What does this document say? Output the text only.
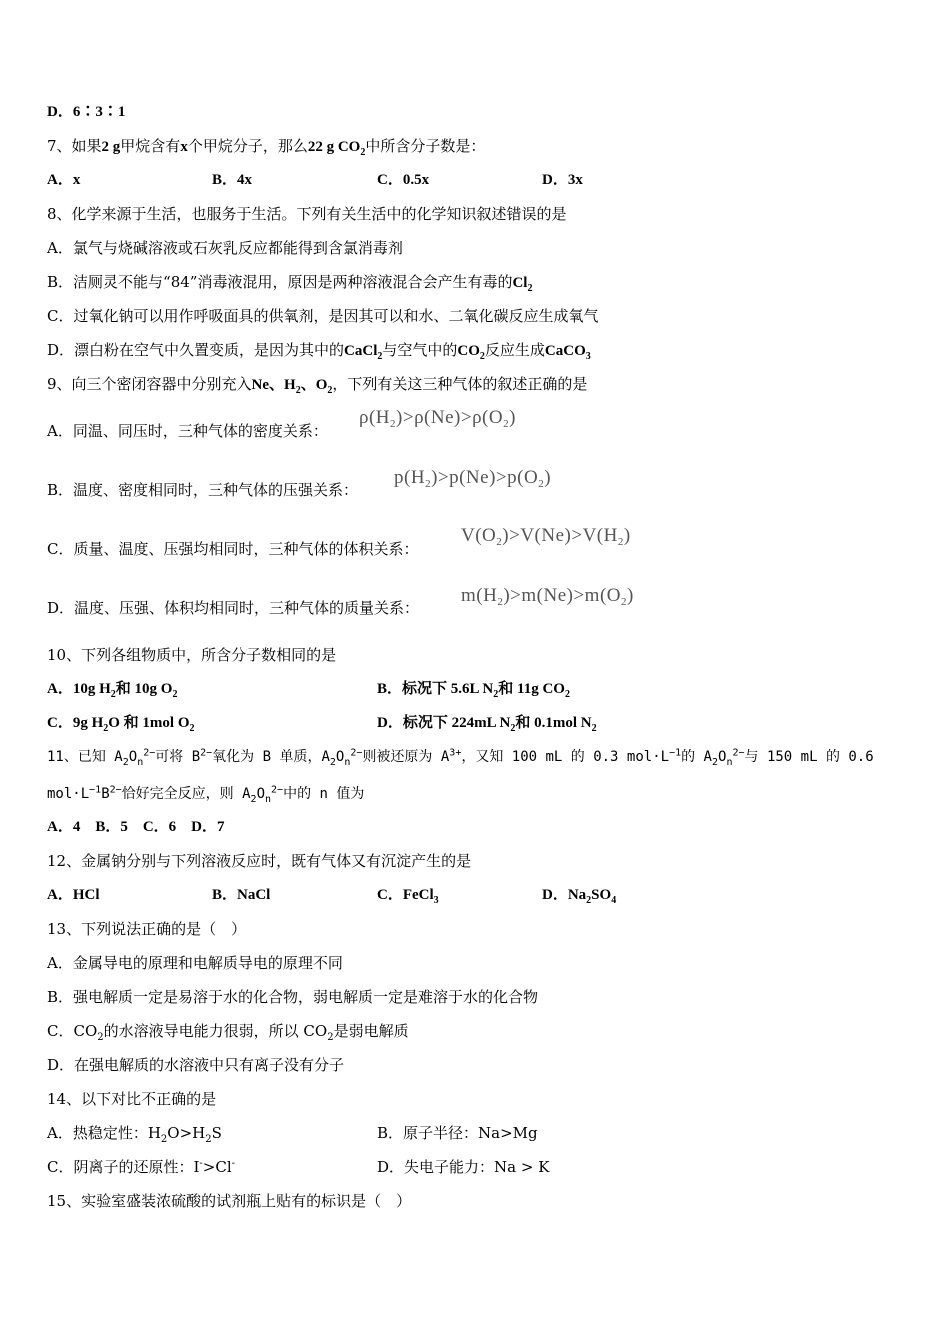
D．6∶3∶1
7、如果2 g甲烷含有x个甲烷分子，那么22 g $CO_2$中所含分子数是：
A．x	B．4x	C．0.5x	D．3x
8、化学来源于生活，也服务于生活。下列有关生活中的化学知识叙述错误的是
A．氯气与烧碱溶液或石灰乳反应都能得到含氯消毒剂
B．洁厕灵不能与“84”消毒液混用，原因是两种溶液混合会产生有毒的$Cl_2$
C．过氧化钠可以用作呼吸面具的供氧剂，是因其可以和水、二氧化碳反应生成氧气
D．漂白粉在空气中久置变质，是因为其中的CaCl$_2$与空气中的$CO_2$反应生成CaCO$_3$
9、向三个密闭容器中分别充入Ne、$H_2$、$O_2$，下列有关这三种气体的叙述正确的是
A．同温、同压时，三种气体的密度关系：
$\rho(H_2)>\rho(Ne)>\rho(O_2)$
B．温度、密度相同时，三种气体的压强关系：
$p(H_2)>p(Ne)>p(O_2)$
C．质量、温度、压强均相同时，三种气体的体积关系：
$V(O_2)>V(Ne)>V(H_2)$
D．温度、压强、体积均相同时，三种气体的质量关系：
$m(H_2)>m(Ne)>m(O_2)$
10、下列各组物质中，所含分子数相同的是
A．10g $H_2$和 10g $O_2$	B．标况下 5.6L $N_2$和 11g $CO_2$
C．9g $H_2O$ 和 1mol $O_2$	D．标况下 224mL $N_2$和 0.1mol $N_2$
11、已知 $A_2O_n^{2-}$可将 $B^{2-}$氧化为 B 单质，$A_2O_n^{2-}$则被还原为 $A^{3+}$，又知 100 mL 的 0.3 $mol\cdot L^{-1}$的 $A_2O_n^{2-}$与 150 mL 的 0.6
$mol\cdot L^{-1}B^{2-}$恰好完全反应，则 $A_2O_n^{2-}$中的 n 值为
A．4　B．5　C．6　D．7
12、金属钠分别与下列溶液反应时，既有气体又有沉淀产生的是
A．HCl	B．NaCl	C．FeCl$_3$	D．$Na_2SO_4$
13、下列说法正确的是（　）
A．金属导电的原理和电解质导电的原理不同
B．强电解质一定是易溶于水的化合物，弱电解质一定是难溶于水的化合物
C．$CO_2$的水溶液导电能力很弱，所以 $CO_2$是弱电解质
D．在强电解质的水溶液中只有离子没有分子
14、以下对比不正确的是
A．热稳定性：$H_2O>H_2S$	B．原子半径：Na>Mg
C．阴离子的还原性：I->Cl-	D．失电子能力：Na > K
15、实验室盛装浓硫酸的试剂瓶上贴有的标识是（　）
